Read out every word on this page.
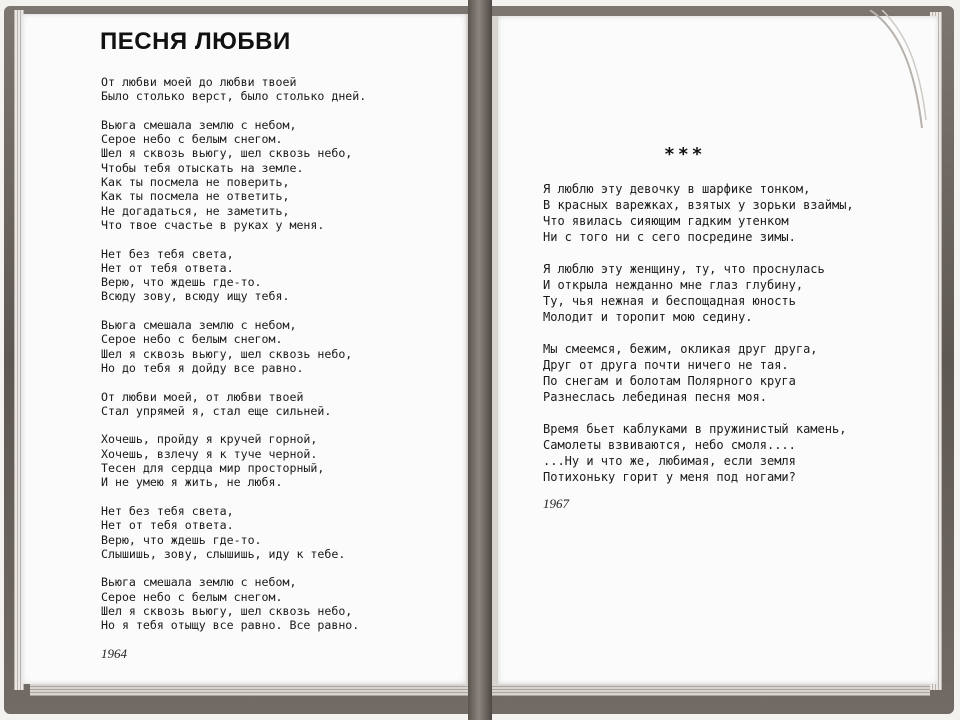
ПЕСНЯ ЛЮБВИ

От любви моей до любви твоей
Было столько верст, было столько дней.

Вьюга смешала землю с небом,
Серое небо с белым снегом.
Шел я сквозь вьюгу, шел сквозь небо,
Чтобы тебя отыскать на земле.
Как ты посмела не поверить,
Как ты посмела не ответить,
Не догадаться, не заметить,
Что твое счастье в руках у меня.

Нет без тебя света,
Нет от тебя ответа.
Верю, что ждешь где-то.
Всюду зову, всюду ищу тебя.

Вьюга смешала землю с небом,
Серое небо с белым снегом.
Шел я сквозь вьюгу, шел сквозь небо,
Но до тебя я дойду все равно.

От любви моей, от любви твоей
Стал упрямей я, стал еще сильней.

Хочешь, пройду я кручей горной,
Хочешь, взлечу я к туче черной.
Тесен для сердца мир просторный,
И не умею я жить, не любя.

Нет без тебя света,
Нет от тебя ответа.
Верю, что ждешь где-то.
Слышишь, зову, слышишь, иду к тебе.

Вьюга смешала землю с небом,
Серое небо с белым снегом.
Шел я сквозь вьюгу, шел сквозь небо,
Но я тебя отыщу все равно. Все равно.

1964

***

Я люблю эту девочку в шарфике тонком,
В красных варежках, взятых у зорьки взаймы,
Что явилась сияющим гадким утенком
Ни с того ни с сего посредине зимы.

Я люблю эту женщину, ту, что проснулась
И открыла нежданно мне глаз глубину,
Ту, чья нежная и беспощадная юность
Молодит и торопит мою седину.

Мы смеемся, бежим, окликая друг друга,
Друг от друга почти ничего не тая.
По снегам и болотам Полярного круга
Разнеслась лебединая песня моя.

Время бьет каблуками в пружинистый камень,
Самолеты взвиваются, небо смоля....
...Ну и что же, любимая, если земля
Потихоньку горит у меня под ногами?

1967
